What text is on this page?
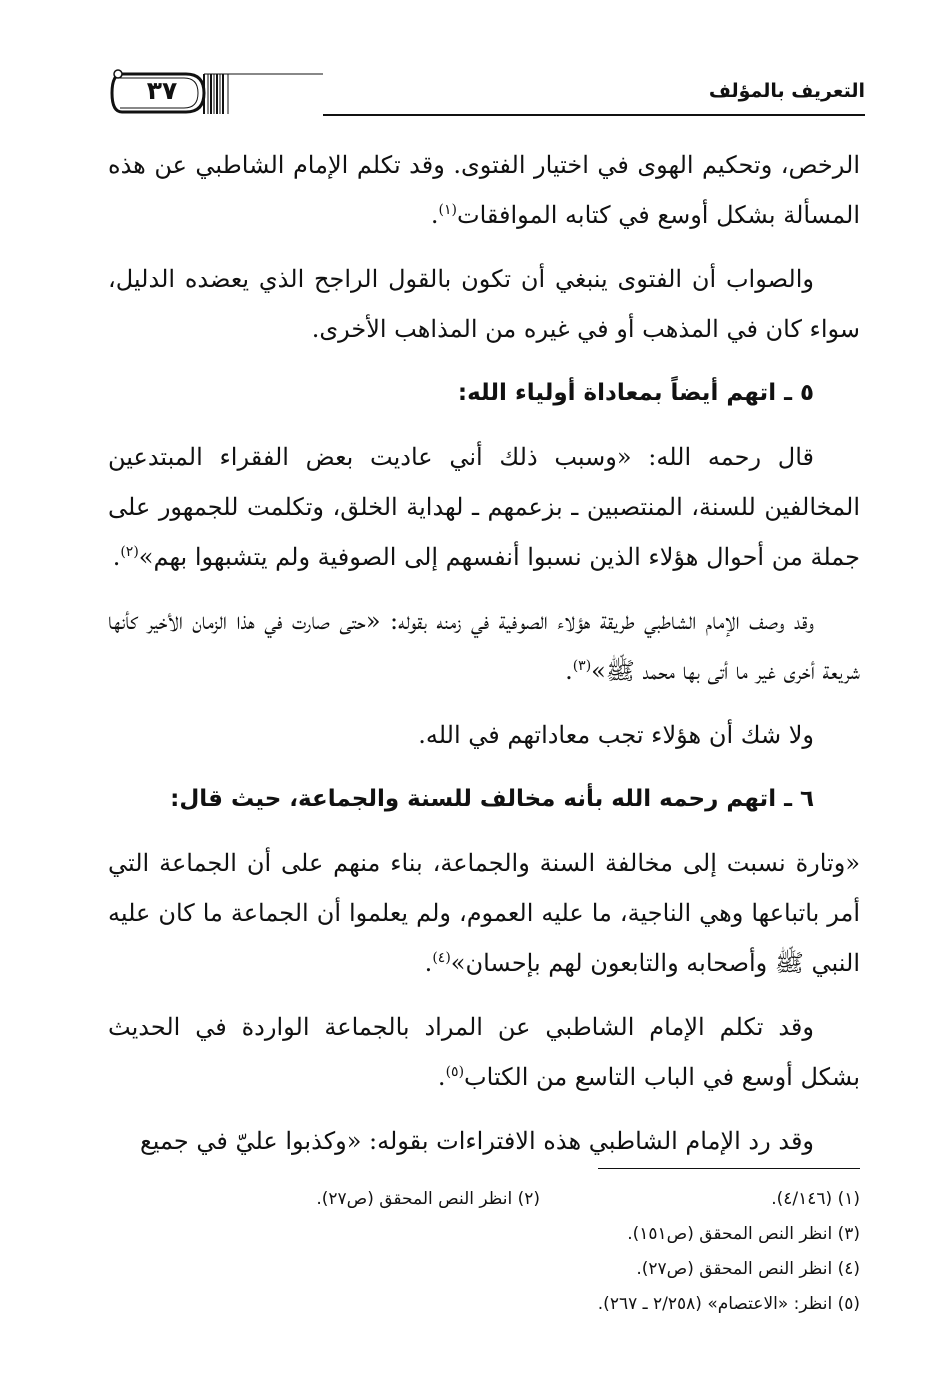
٣٧	التعريف بالمؤلف

الرخص، وتحكيم الهوى في اختيار الفتوى. وقد تكلم الإمام الشاطبي عن هذه المسألة بشكل أوسع في كتابه الموافقات$^{(١)}$.

والصواب أن الفتوى ينبغي أن تكون بالقول الراجح الذي يعضده الدليل، سواء كان في المذهب أو في غيره من المذاهب الأخرى.

٥ ـ اتهم أيضاً بمعاداة أولياء الله:

قال رحمه الله: «وسبب ذلك أني عاديت بعض الفقراء المبتدعين المخالفين للسنة، المنتصبين ـ بزعمهم ـ لهداية الخلق، وتكلمت للجمهور على جملة من أحوال هؤلاء الذين نسبوا أنفسهم إلى الصوفية ولم يتشبهوا بهم»$^{(٢)}$.

وقد وصف الإمام الشاطبي طريقة هؤلاء الصوفية في زمنه بقوله: «حتى صارت في هذا الزمان الأخير كأنها شريعة أخرى غير ما أتى بها محمد ﷺ»$^{(٣)}$.

ولا شك أن هؤلاء تجب معاداتهم في الله.

٦ ـ اتهم رحمه الله بأنه مخالف للسنة والجماعة، حيث قال:

«وتارة نسبت إلى مخالفة السنة والجماعة، بناء منهم على أن الجماعة التي أمر باتباعها وهي الناجية، ما عليه العموم، ولم يعلموا أن الجماعة ما كان عليه النبي ﷺ وأصحابه والتابعون لهم بإحسان»$^{(٤)}$.

وقد تكلم الإمام الشاطبي عن المراد بالجماعة الواردة في الحديث بشكل أوسع في الباب التاسع من الكتاب$^{(٥)}$.

وقد رد الإمام الشاطبي هذه الافتراءات بقوله: «وكذبوا عليّ في جميع

(١) (٤/١٤٦).
(٢) انظر النص المحقق (ص٢٧).
(٣) انظر النص المحقق (ص١٥١).
(٤) انظر النص المحقق (ص٢٧).
(٥) انظر: «الاعتصام» (٢/٢٥٨ ـ ٢٦٧).
